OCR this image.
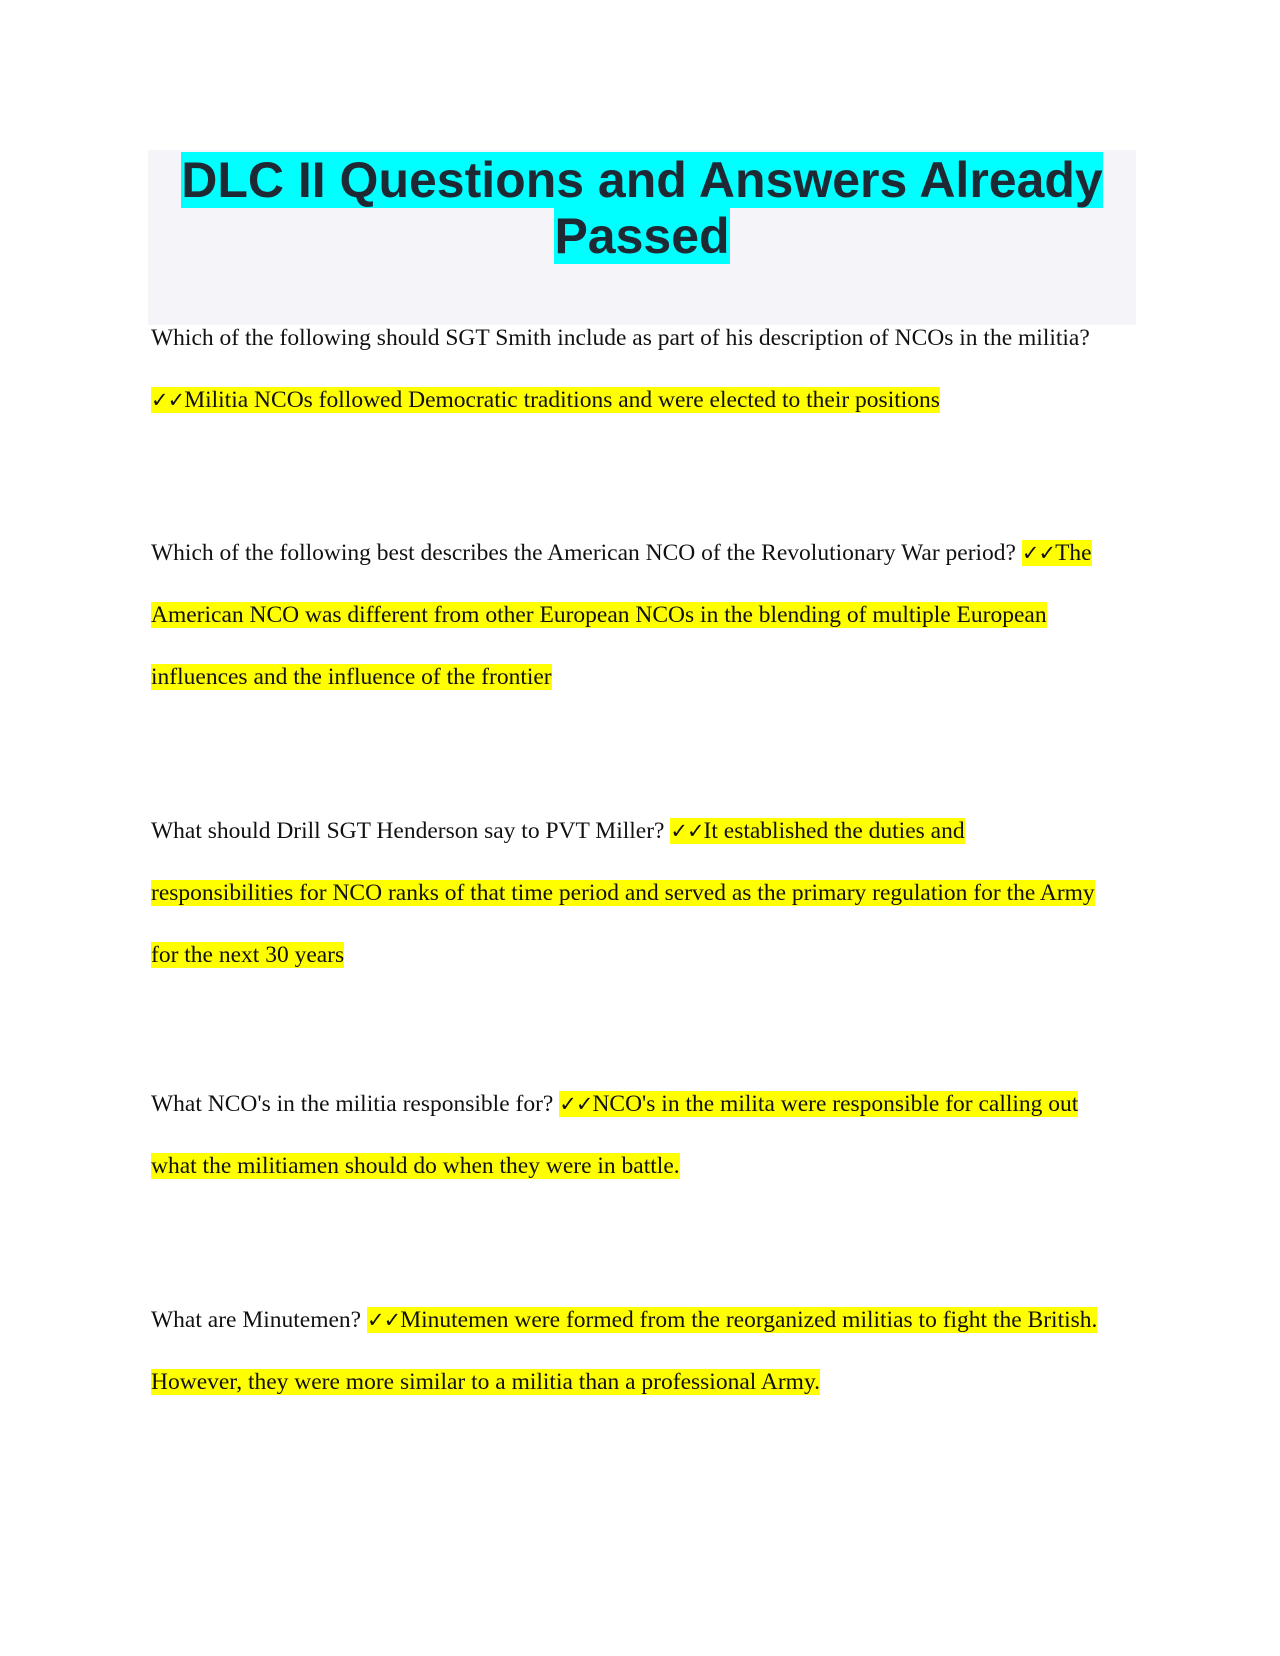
DLC II Questions and Answers Already Passed

Which of the following should SGT Smith include as part of his description of NCOs in the militia? ✓✓Militia NCOs followed Democratic traditions and were elected to their positions

Which of the following best describes the American NCO of the Revolutionary War period? ✓✓The American NCO was different from other European NCOs in the blending of multiple European influences and the influence of the frontier

What should Drill SGT Henderson say to PVT Miller? ✓✓It established the duties and responsibilities for NCO ranks of that time period and served as the primary regulation for the Army for the next 30 years

What NCO's in the militia responsible for? ✓✓NCO's in the milita were responsible for calling out what the militiamen should do when they were in battle.

What are Minutemen? ✓✓Minutemen were formed from the reorganized militias to fight the British. However, they were more similar to a militia than a professional Army.
